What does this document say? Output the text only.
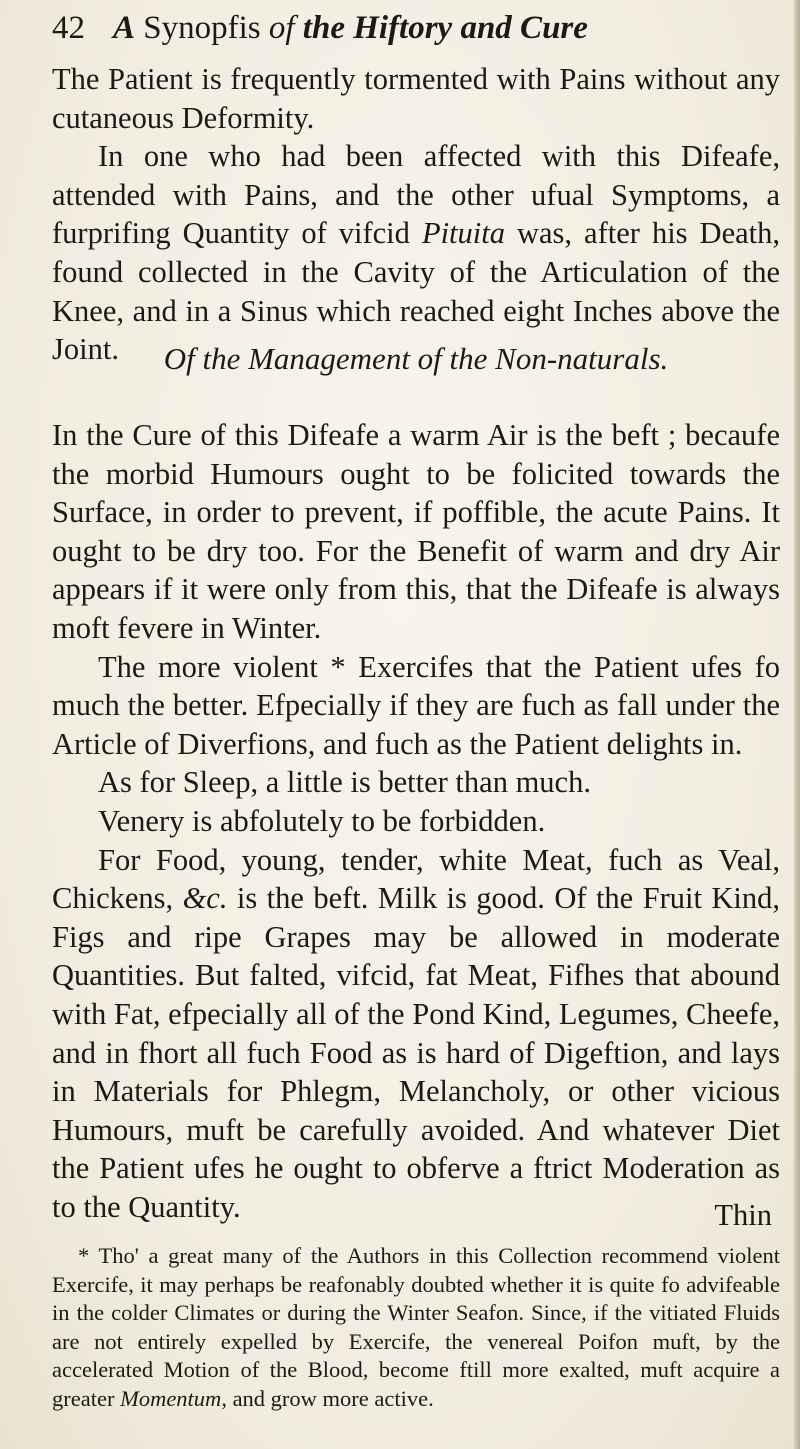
42 A Synopfis of the Hiftory and Cure

The Patient is frequently tormented with Pains without any cutaneous Deformity.

In one who had been affected with this Difeafe, attended with Pains, and the other ufual Symptoms, a furprifing Quantity of vifcid Pituita was, after his Death, found collected in the Cavity of the Articulation of the Knee, and in a Sinus which reached eight Inches above the Joint.	Of the Management of the Non-naturals.

In the Cure of this Difeafe a warm Air is the beft ; becaufe the morbid Humours ought to be folicited towards the Surface, in order to prevent, if poffible, the acute Pains. It ought to be dry too. For the Benefit of warm and dry Air appears if it were only from this, that the Difeafe is always moft fevere in Winter.

The more violent * Exercifes that the Patient ufes fo much the better. Efpecially if they are fuch as fall under the Article of Diverfions, and fuch as the Patient delights in.

As for Sleep, a little is better than much.

Venery is abfolutely to be forbidden.

For Food, young, tender, white Meat, fuch as Veal, Chickens, &c. is the beft. Milk is good. Of the Fruit Kind, Figs and ripe Grapes may be allowed in moderate Quantities. But falted, vifcid, fat Meat, Fifhes that abound with Fat, efpecially all of the Pond Kind, Legumes, Cheefe, and in fhort all fuch Food as is hard of Digeftion, and lays in Materials for Phlegm, Melancholy, or other vicious Humours, muft be carefully avoided. And whatever Diet the Patient ufes he ought to obferve a ftrict Moderation as to the Quantity.	Thin
* Tho' a great many of the Authors in this Collection recommend violent Exercife, it may perhaps be reafonably doubted whether it is quite fo advifeable in the colder Climates or during the Winter Seafon. Since, if the vitiated Fluids are not entirely expelled by Exercife, the venereal Poifon muft, by the accelerated Motion of the Blood, become ftill more exalted, muft acquire a greater Momentum, and grow more active.
